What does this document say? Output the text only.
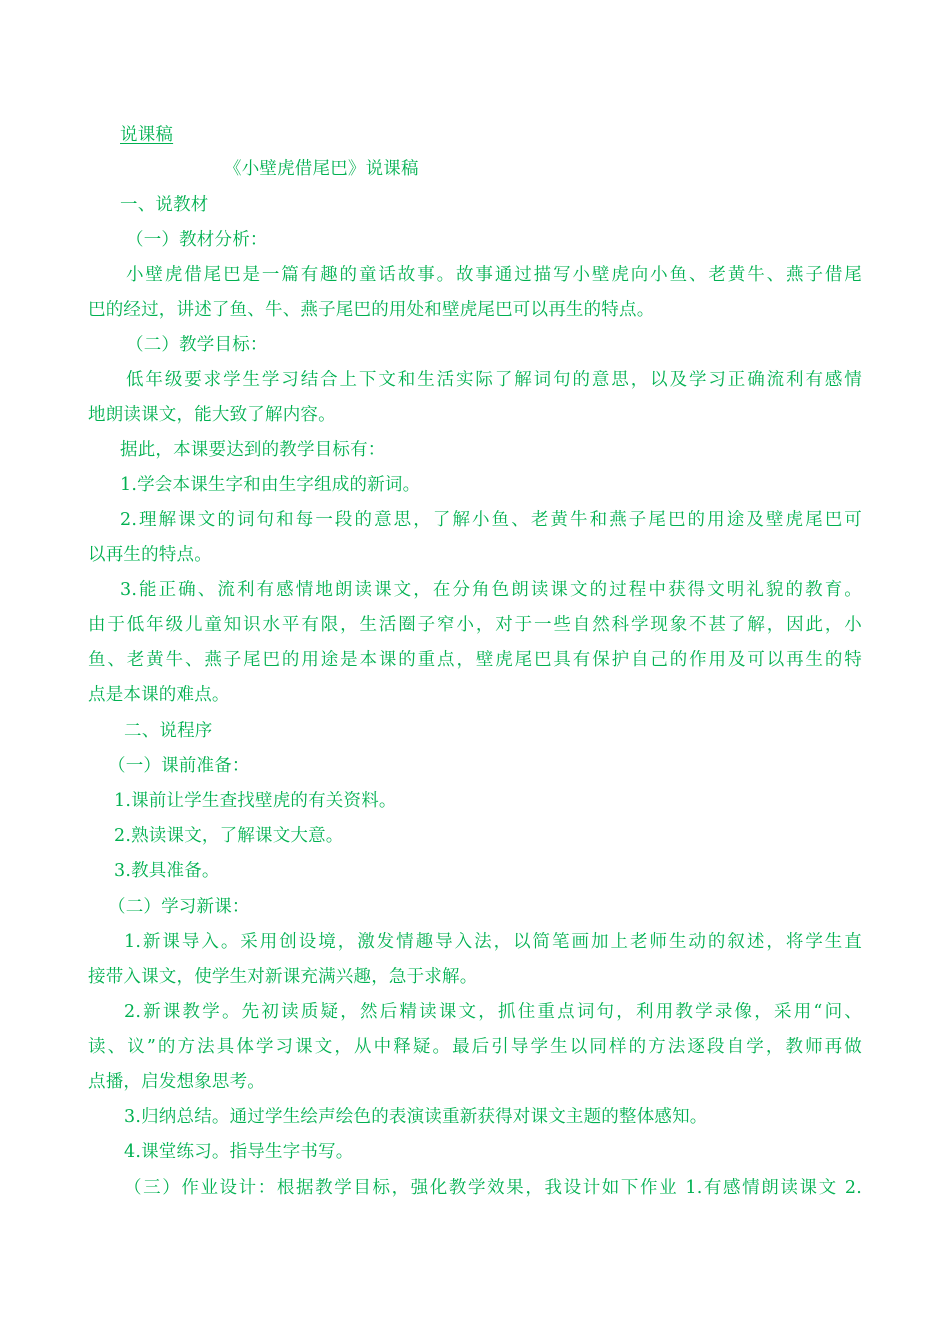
说课稿
《小壁虎借尾巴》说课稿
一、说教材
（一）教材分析：
小壁虎借尾巴是一篇有趣的童话故事。故事通过描写小壁虎向小鱼、老黄牛、燕子借尾
巴的经过，讲述了鱼、牛、燕子尾巴的用处和壁虎尾巴可以再生的特点。
（二）教学目标：
低年级要求学生学习结合上下文和生活实际了解词句的意思，以及学习正确流利有感情
地朗读课文，能大致了解内容。
据此，本课要达到的教学目标有：
1.学会本课生字和由生字组成的新词。
2.理解课文的词句和每一段的意思，了解小鱼、老黄牛和燕子尾巴的用途及壁虎尾巴可
以再生的特点。
3.能正确、流利有感情地朗读课文，在分角色朗读课文的过程中获得文明礼貌的教育。
由于低年级儿童知识水平有限，生活圈子窄小，对于一些自然科学现象不甚了解，因此，小
鱼、老黄牛、燕子尾巴的用途是本课的重点，壁虎尾巴具有保护自己的作用及可以再生的特
点是本课的难点。
二、说程序
（一）课前准备：
1.课前让学生查找壁虎的有关资料。
2.熟读课文，了解课文大意。
3.教具准备。
（二）学习新课：
1.新课导入。采用创设境，激发情趣导入法，以简笔画加上老师生动的叙述，将学生直
接带入课文，使学生对新课充满兴趣，急于求解。
2.新课教学。先初读质疑，然后精读课文，抓住重点词句，利用教学录像，采用“问、
读、议”的方法具体学习课文，从中释疑。最后引导学生以同样的方法逐段自学，教师再做
点播，启发想象思考。
3.归纳总结。通过学生绘声绘色的表演读重新获得对课文主题的整体感知。
4.课堂练习。指导生字书写。
（三）作业设计：根据教学目标，强化教学效果，我设计如下作业 1.有感情朗读课文 2.
